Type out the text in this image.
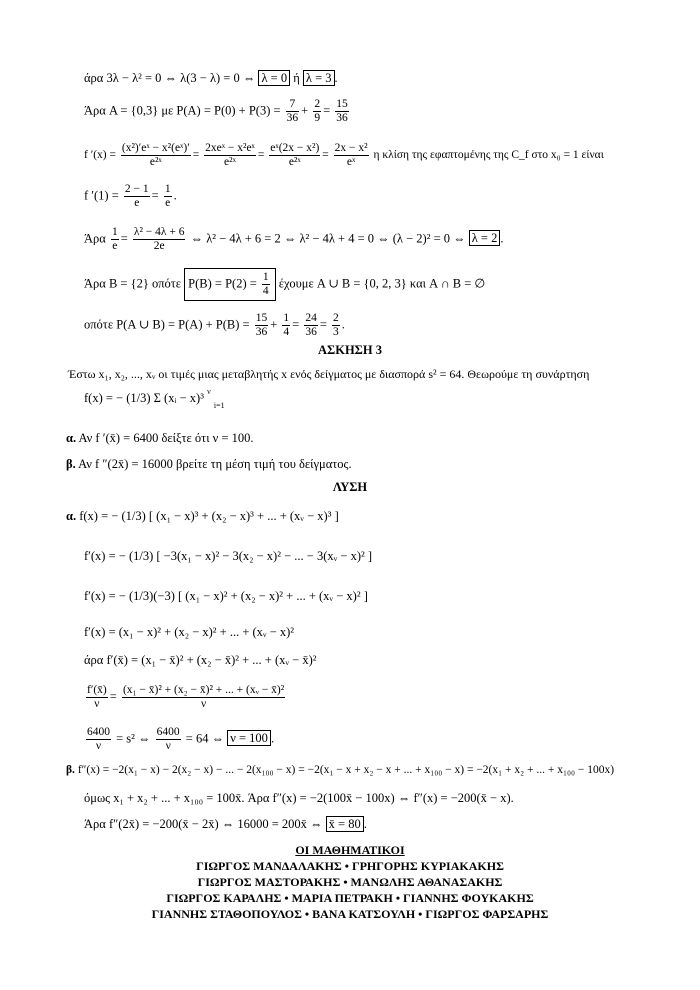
άρα 3λ − λ² = 0 ⇔ λ(3 − λ) = 0 ⇔ λ = 0 ή λ = 3 .
Άρα A = {0,3} με $P(A) = P(0) + P(3) = \frac{7}{36} + \frac{2}{9} = \frac{15}{36}$
f $'(x) = \frac{\text{(x²)′eˣ − x²(eˣ)′}}{\text{e²ˣ}}$ =
2xeˣ − x²eˣ
e²ˣ
= $\frac{\text{eˣ(2x − x²)}}{\text{e²ˣ}} = \frac{\text{2x − x²}}{\text{eˣ}}$ η κλίση της εφαπτομένης της C_f στο x₀ = 1 είναι
f $'(1) = \frac{2 - 1}{e} = \frac{1}{e}$ .
Άρα $\frac{1}{e} = \frac{\text{λ² − 4λ + 6}}{2e}$ ⇔ λ² − 4λ + 6 = 2 ⇔ λ² − 4λ + 4 = 0 ⇔ (λ − 2)² = 0 ⇔ λ = 2 .
Άρα B = {2} οπότε $P(B) = P(2) = \frac{1}{4}$ έχουμε A ∪ B = {0, 2, 3} και A ∩ B = ∅
οπότε P(A ∪ $B) = P(A) + P(B) = \frac{15}{36} + \frac{1}{4} = \frac{24}{36} = \frac{2}{3}$ .
ΑΣΚΗΣΗ 3
Έστω x₁, x₂, ..., xᵥ οι τιμές μιας μεταβλητής x ενός δείγματος με διασπορά s² = 64. Θεωρούμε τη συνάρτηση
f(x) = − (1/3) Σ (xᵢ − x)³ $^\nu$ $_{i=1}$
α. Αν f ′(x̄) = 6400 δείξτε ότι ν = 100.
β. Αν f ″(2x̄) = 16000 βρείτε τη μέση τιμή του δείγματος.
ΛΥΣΗ
α. f(x) = − (1/3) [ (x₁ − x)³ + (x₂ − x)³ + ... + (xᵥ − x)³ ]
f′(x) = − (1/3) [ −3(x₁ − x)² − 3(x₂ − x)² − ... − 3(xᵥ − x)² ]
f′(x) = − (1/3)(−3) [ (x₁ − x)² + (x₂ − x)² + ... + (xᵥ − x)² ]
f′(x) = (x₁ − x)² + (x₂ − x)² + ... + (xᵥ − x)²
άρα f′(x̄) = (x₁ − x̄)² + (x₂ − x̄)² + ... + (xᵥ − x̄)²
$\frac{f'(x̄)}{\nu} = \frac{\text{(x₁ − x̄)² + (x₂ − x̄)² + ... + (xᵥ − x̄)²}}{\nu}$
$\frac{6400}{\nu} = s^2$ ⇔ $\frac{6400}{\nu} = 64$ ⇔ ν = 100 .
β. f″(x) = −2(x₁ − x) − 2(x₂ − x) − ... − 2(x₁₀₀ − x) = −2(x₁ − x + x₂ − x + ... + x₁₀₀ − x) = −2(x₁ + x₂ + ... + x₁₀₀ − 100x)
όμως x₁ + x₂ + ... + x₁₀₀ = 100x̄. Άρα f″(x) = −2(100x̄ − 100x) ⇔ f″(x) = −200(x̄ − x).
Άρα f″(2x̄) = −200(x̄ − 2x̄) ⇔ 16000 = 200x̄ ⇔ x̄ = 80 .
ΟΙ ΜΑΘΗΜΑΤΙΚΟΙ
ΓΙΩΡΓΟΣ ΜΑΝΔΑΛΑΚΗΣ • ΓΡΗΓΟΡΗΣ ΚΥΡΙΑΚΑΚΗΣ
ΓΙΩΡΓΟΣ ΜΑΣΤΟΡΑΚΗΣ • ΜΑΝΩΛΗΣ ΑΘΑΝΑΣΑΚΗΣ
ΓΙΩΡΓΟΣ ΚΑΡΑΛΗΣ • ΜΑΡΙΑ ΠΕΤΡΑΚΗ • ΓΙΑΝΝΗΣ ΦΟΥΚΑΚΗΣ
ΓΙΑΝΝΗΣ ΣΤΑΘΟΠΟΥΛΟΣ • ΒΑΝΑ ΚΑΤΣΟΥΛΗ • ΓΙΩΡΓΟΣ ΦΑΡΣΑΡΗΣ
